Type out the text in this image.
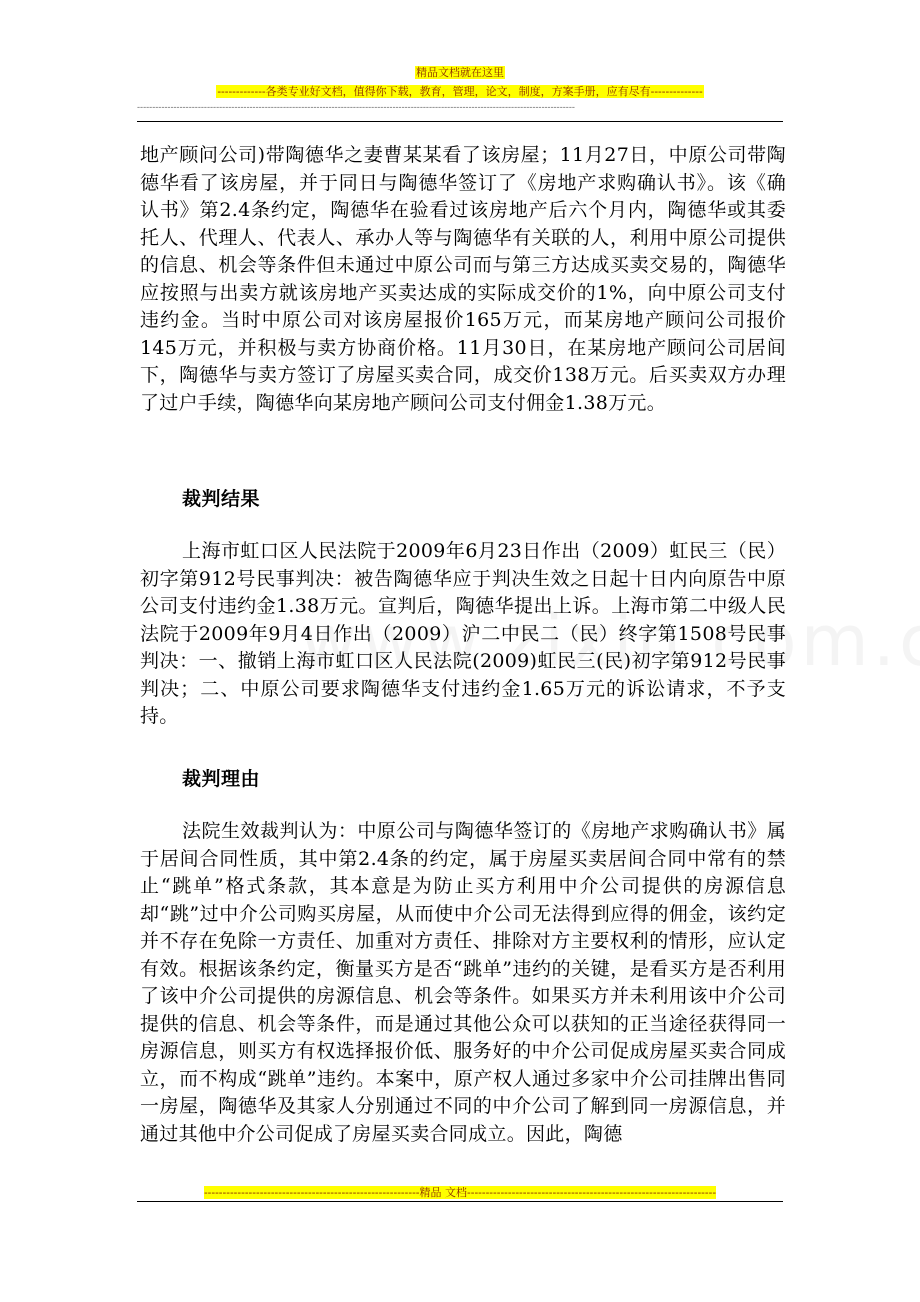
精品文档就在这里
-------------各类专业好文档，值得你下载，教育，管理，论文，制度，方案手册，应有尽有--------------
------------------------------------------------------------------------------------------------------------------------------------------------
地产顾问公司)带陶德华之妻曹某某看了该房屋；11月27日，中原公司带陶德华看了该房屋，并于同日与陶德华签订了《房地产求购确认书》。该《确认书》第2.4条约定，陶德华在验看过该房地产后六个月内，陶德华或其委托人、代理人、代表人、承办人等与陶德华有关联的人，利用中原公司提供的信息、机会等条件但未通过中原公司而与第三方达成买卖交易的，陶德华应按照与出卖方就该房地产买卖达成的实际成交价的1%，向中原公司支付违约金。当时中原公司对该房屋报价165万元，而某房地产顾问公司报价145万元，并积极与卖方协商价格。11月30日，在某房地产顾问公司居间下，陶德华与卖方签订了房屋买卖合同，成交价138万元。后买卖双方办理了过户手续，陶德华向某房地产顾问公司支付佣金1.38万元。
裁判结果
上海市虹口区人民法院于2009年6月23日作出（2009）虹民三（民）初字第912号民事判决：被告陶德华应于判决生效之日起十日内向原告中原公司支付违约金1.38万元。宣判后，陶德华提出上诉。上海市第二中级人民法院于2009年9月4日作出（2009）沪二中民二（民）终字第1508号民事判决：一、撤销上海市虹口区人民法院(2009)虹民三(民)初字第912号民事判决；二、中原公司要求陶德华支付违约金1.65万元的诉讼请求，不予支持。
裁判理由
法院生效裁判认为：中原公司与陶德华签订的《房地产求购确认书》属于居间合同性质，其中第2.4条的约定，属于房屋买卖居间合同中常有的禁止“跳单”格式条款，其本意是为防止买方利用中介公司提供的房源信息却“跳”过中介公司购买房屋，从而使中介公司无法得到应得的佣金，该约定并不存在免除一方责任、加重对方责任、排除对方主要权利的情形，应认定有效。根据该条约定，衡量买方是否“跳单”违约的关键，是看买方是否利用了该中介公司提供的房源信息、机会等条件。如果买方并未利用该中介公司提供的信息、机会等条件，而是通过其他公众可以获知的正当途径获得同一房源信息，则买方有权选择报价低、服务好的中介公司促成房屋买卖合同成立，而不构成“跳单”违约。本案中，原产权人通过多家中介公司挂牌出售同一房屋，陶德华及其家人分别通过不同的中介公司了解到同一房源信息，并通过其他中介公司促成了房屋买卖合同成立。因此，陶德
----------------------------------------------------------精品 文档-------------------------------------------------------------------
